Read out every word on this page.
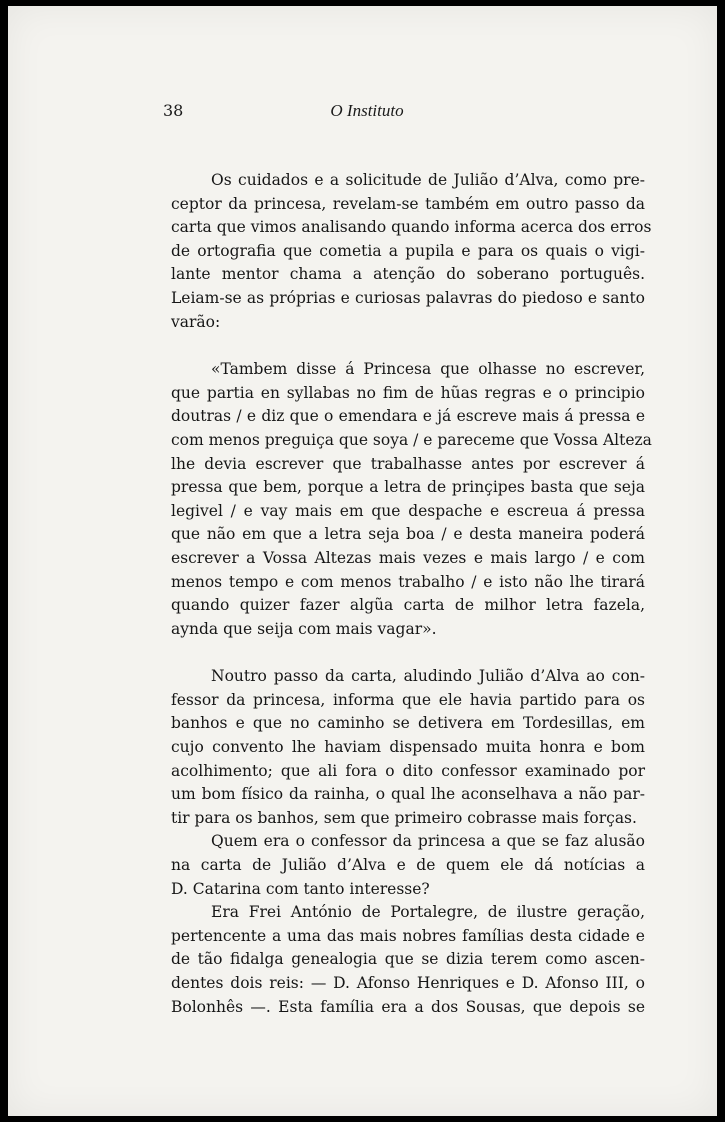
38	O Instituto
Os cuidados e a solicitude de Julião d’Alva, como pre-
ceptor da princesa, revelam-se também em outro passo da
carta que vimos analisando quando informa acerca dos erros
de ortografia que cometia a pupila e para os quais o vigi-
lante mentor chama a atenção do soberano português.
Leiam-se as próprias e curiosas palavras do piedoso e santo
varão:
«Tambem disse á Princesa que olhasse no escrever,
que partia en syllabas no fim de hũas regras e o principio
doutras / e diz que o emendara e já escreve mais á pressa e
com menos preguiça que soya / e pareceme que Vossa Alteza
lhe devia escrever que trabalhasse antes por escrever á
pressa que bem, porque a letra de prinçipes basta que seja
legivel / e vay mais em que despache e escreua á pressa
que não em que a letra seja boa / e desta maneira poderá
escrever a Vossa Altezas mais vezes e mais largo / e com
menos tempo e com menos trabalho / e isto não lhe tirará
quando quizer fazer algũa carta de milhor letra fazela,
aynda que seija com mais vagar».
Noutro passo da carta, aludindo Julião d’Alva ao con-
fessor da princesa, informa que ele havia partido para os
banhos e que no caminho se detivera em Tordesillas, em
cujo convento lhe haviam dispensado muita honra e bom
acolhimento; que ali fora o dito confessor examinado por
um bom físico da rainha, o qual lhe aconselhava a não par-
tir para os banhos, sem que primeiro cobrasse mais forças.
Quem era o confessor da princesa a que se faz alusão
na carta de Julião d’Alva e de quem ele dá notícias a
D. Catarina com tanto interesse?
Era Frei António de Portalegre, de ilustre geração,
pertencente a uma das mais nobres famílias desta cidade e
de tão fidalga genealogia que se dizia terem como ascen-
dentes dois reis: — D. Afonso Henriques e D. Afonso III, o
Bolonhês —. Esta família era a dos Sousas, que depois se
